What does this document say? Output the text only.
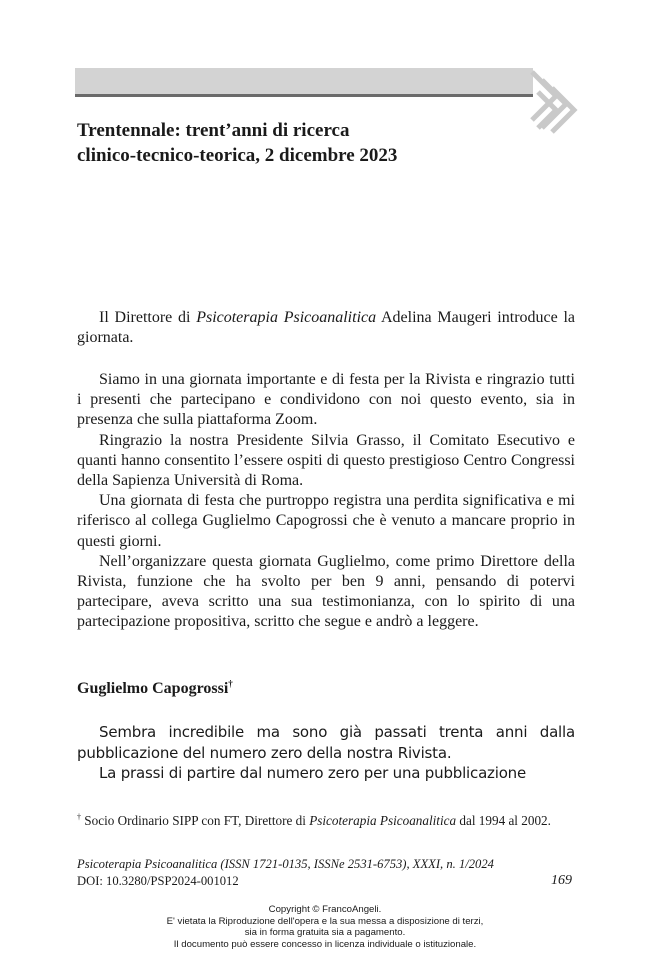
Trentennale: trent’anni di ricerca
clinico-tecnico-teorica, 2 dicembre 2023

Il Direttore di Psicoterapia Psicoanalitica Adelina Maugeri introduce la giornata.

Siamo in una giornata importante e di festa per la Rivista e ringrazio tutti i presenti che partecipano e condividono con noi questo evento, sia in presenza che sulla piattaforma Zoom.

Ringrazio la nostra Presidente Silvia Grasso, il Comitato Esecutivo e quanti hanno consentito l’essere ospiti di questo prestigioso Centro Congressi della Sapienza Università di Roma.

Una giornata di festa che purtroppo registra una perdita significativa e mi riferisco al collega Guglielmo Capogrossi che è venuto a mancare proprio in questi giorni.

Nell’organizzare questa giornata Guglielmo, come primo Direttore della Rivista, funzione che ha svolto per ben 9 anni, pensando di potervi partecipare, aveva scritto una sua testimonianza, con lo spirito di una partecipazione propositiva, scritto che segue e andrò a leggere.

Guglielmo Capogrossi†

Sembra incredibile ma sono già passati trenta anni dalla pubblicazione del numero zero della nostra Rivista.

La prassi di partire dal numero zero per una pubblicazione

† Socio Ordinario SIPP con FT, Direttore di Psicoterapia Psicoanalitica dal 1994 al 2002.

Psicoterapia Psicoanalitica (ISSN 1721-0135, ISSNe 2531-6753), XXXI, n. 1/2024

DOI: 10.3280/PSP2024-001012	169

Copyright © FrancoAngeli.
E' vietata la Riproduzione dell'opera e la sua messa a disposizione di terzi,
sia in forma gratuita sia a pagamento.
Il documento può essere concesso in licenza individuale o istituzionale.
